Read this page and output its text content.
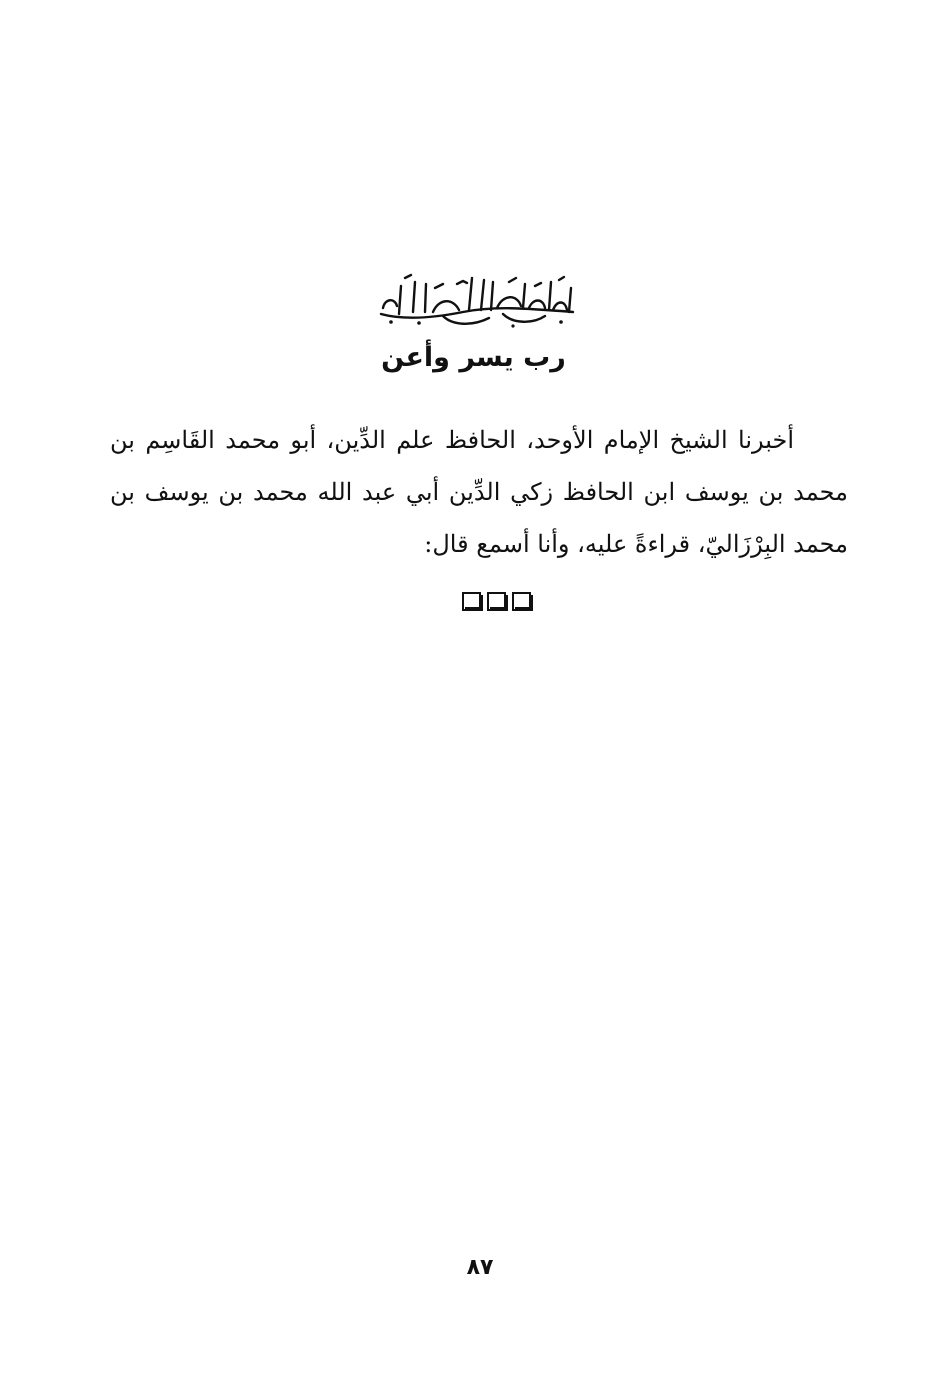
رب يسر وأعن
أخبرنا الشيخ الإمام الأوحد، الحافظ علم الدِّين، أبو محمد القَاسِم بن محمد بن يوسف ابن الحافظ زكي الدِّين أبي عبد الله محمد بن يوسف بن محمد البِرْزَاليّ، قراءةً عليه، وأنا أسمع قال:
٨٧
